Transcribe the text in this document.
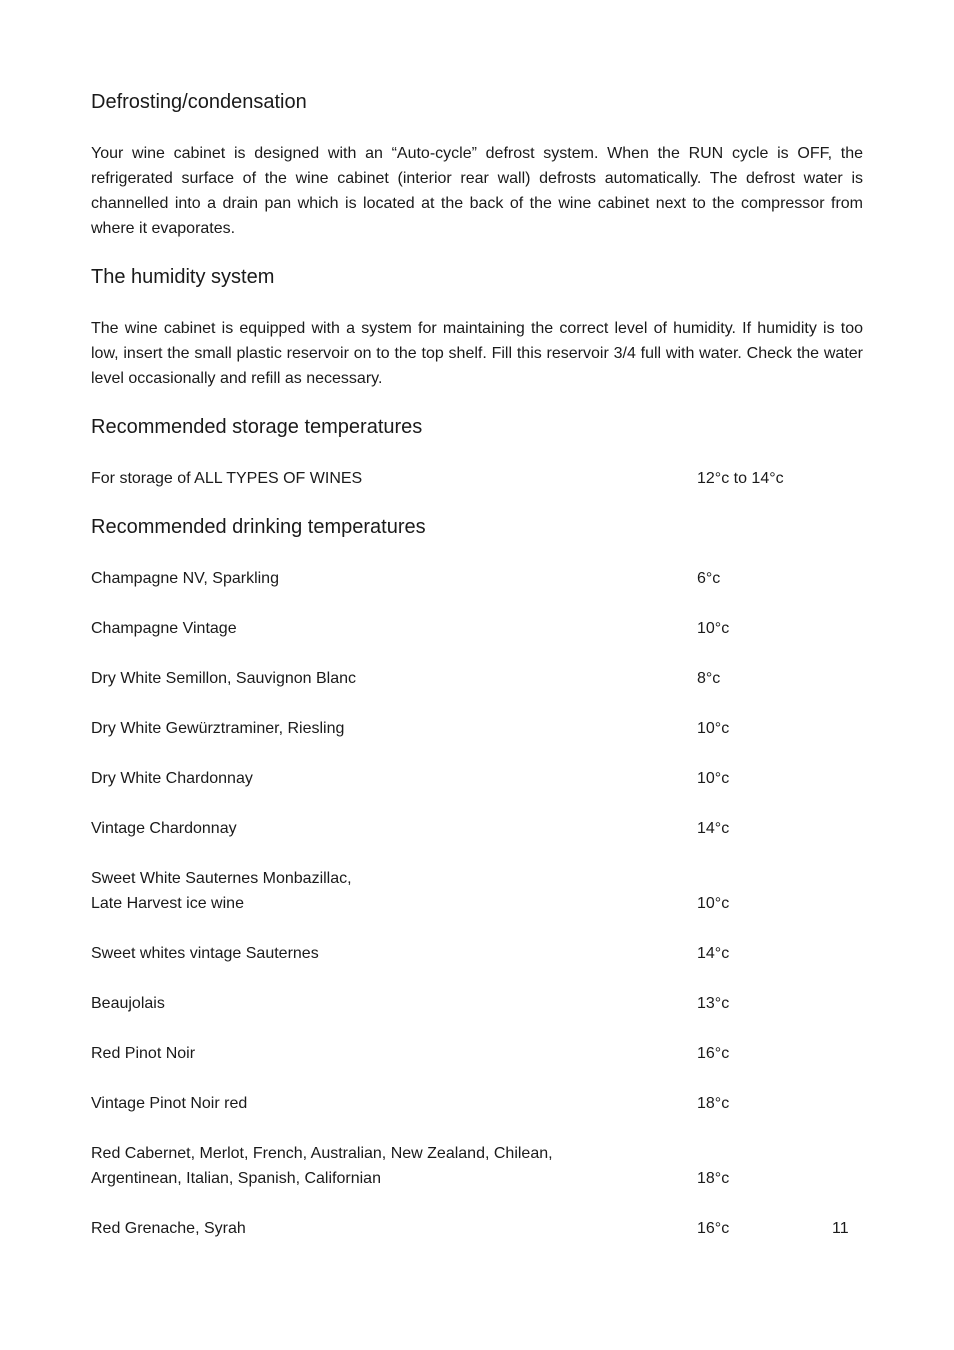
Defrosting/condensation

Your wine cabinet is designed with an “Auto-cycle” defrost system. When the RUN cycle is OFF, the refrigerated surface of the wine cabinet (interior rear wall) defrosts automatically. The defrost water is channelled into a drain pan which is located at the back of the wine cabinet next to the compressor from where it evaporates.

The humidity system

The wine cabinet is equipped with a system for maintaining the correct level of humidity. If humidity is too low, insert the small plastic reservoir on to the top shelf. Fill this reservoir 3/4 full with water. Check the water level occasionally and refill as necessary.

Recommended storage temperatures
For storage of ALL TYPES OF WINES	12°c to 14°c
Recommended drinking temperatures
Champagne NV, Sparkling	6°c
Champagne Vintage	10°c
Dry White Semillon, Sauvignon Blanc	8°c
Dry White Gewürztraminer, Riesling	10°c
Dry White Chardonnay	10°c
Vintage Chardonnay	14°c
Sweet White Sauternes Monbazillac,
Late Harvest ice wine	10°c
Sweet whites vintage Sauternes	14°c
Beaujolais	13°c
Red Pinot Noir	16°c
Vintage Pinot Noir red	18°c
Red Cabernet, Merlot, French, Australian, New Zealand, Chilean,
Argentinean, Italian, Spanish, Californian	18°c
Red Grenache, Syrah	16°c	11
